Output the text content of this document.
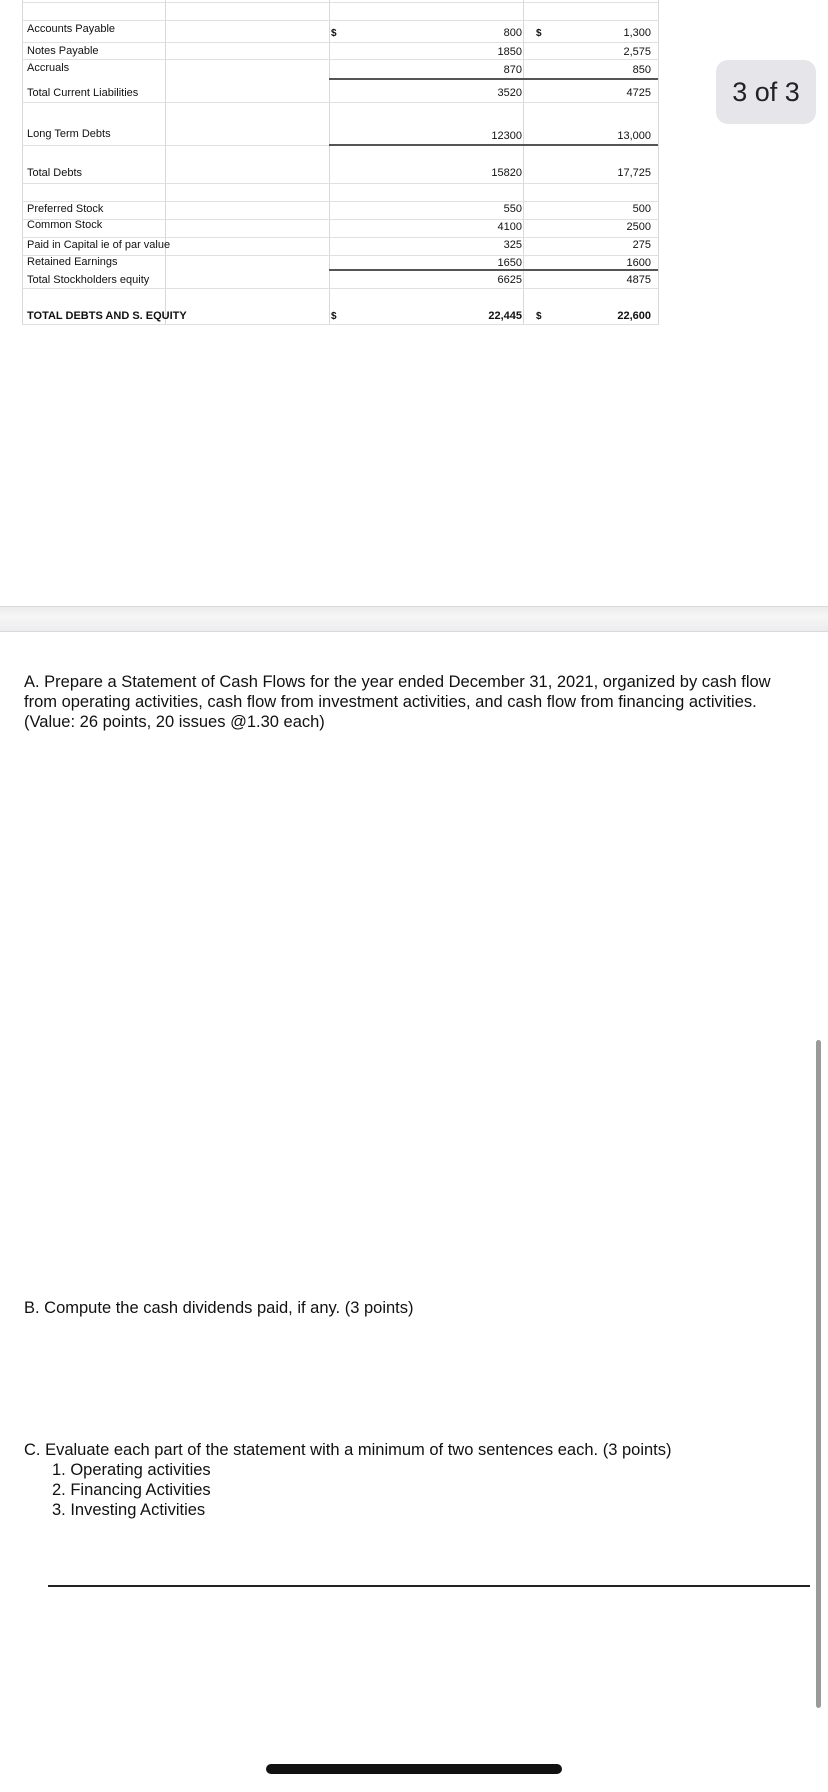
Accounts Payable	$	800 $	1,300
Notes Payable	1850	2,575
Accruals	870	850
Total Current Liabilities	3520	4725
Long Term Debts	12300	13,000
Total Debts	15820	17,725
Preferred Stock	550	500
Common Stock	4100	2500
Paid in Capital ie of par value	325	275
Retained Earnings	1650	1600
Total Stockholders equity	6625	4875
TOTAL DEBTS AND S. EQUITY	$	22,445 $	22,600
3 of 3
A. Prepare a Statement of Cash Flows for the year ended December 31, 2021, organized by cash flow from operating activities, cash flow from investment activities, and cash flow from financing activities. (Value: 26 points, 20 issues @1.30 each)
B. Compute the cash dividends paid, if any. (3 points)
C. Evaluate each part of the statement with a minimum of two sentences each. (3 points)
1. Operating activities
2. Financing Activities
3. Investing Activities
